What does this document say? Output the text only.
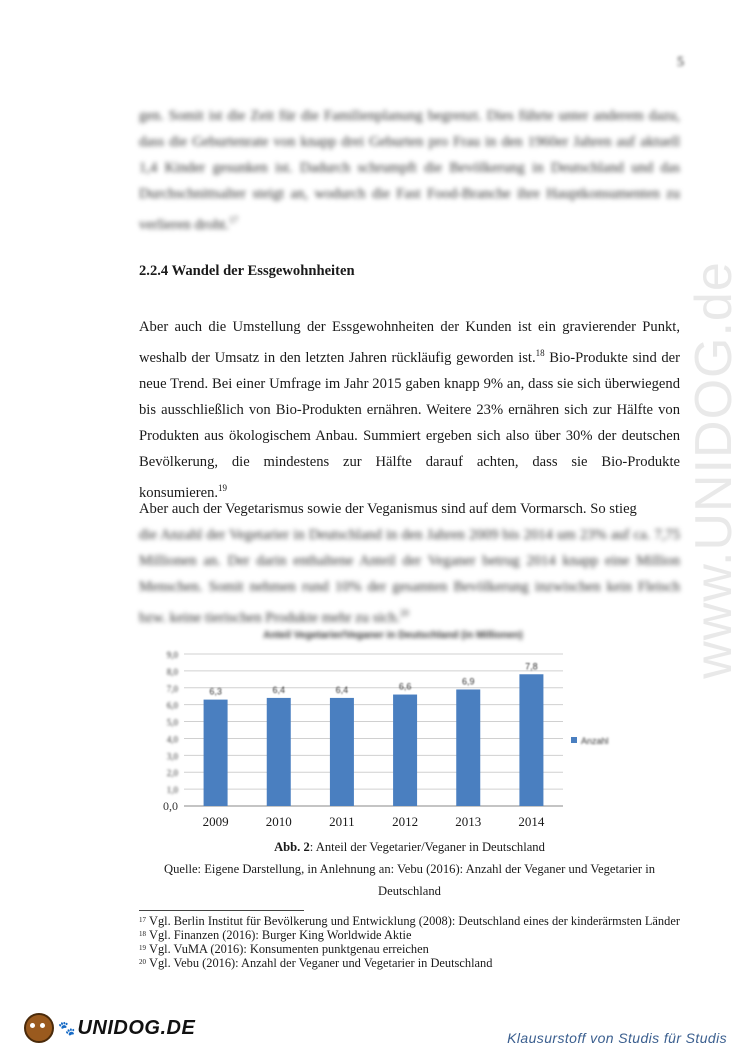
www.UNIDOG.de
5

gen. Somit ist die Zeit für die Familienplanung begrenzt. Dies führte unter anderem dazu, dass die Geburtenrate von knapp drei Geburten pro Frau in den 1960er Jahren auf aktuell 1,4 Kinder gesunken ist. Dadurch schrumpft die Bevölkerung in Deutschland und das Durchschnittsalter steigt an, wodurch die Fast Food-Branche ihre Hauptkonsumenten zu verlieren droht.$^{17}$

2.2.4 Wandel der Essgewohnheiten

Aber auch die Umstellung der Essgewohnheiten der Kunden ist ein gravierender Punkt, weshalb der Umsatz in den letzten Jahren rückläufig geworden ist.$^{18}$ Bio-Produkte sind der neue Trend. Bei einer Umfrage im Jahr 2015 gaben knapp 9% an, dass sie sich überwiegend bis ausschließlich von Bio-Produkten ernähren. Weitere 23% ernähren sich zur Hälfte von Produkten aus ökologischem Anbau. Summiert ergeben sich also über 30% der deutschen Bevölkerung, die mindestens zur Hälfte darauf achten, dass sie Bio-Produkte konsumieren.$^{19}$

Aber auch der Vegetarismus sowie der Veganismus sind auf dem Vormarsch. So stieg

die Anzahl der Vegetarier in Deutschland in den Jahren 2009 bis 2014 um 23% auf ca. 7,75 Millionen an. Der darin enthaltene Anteil der Veganer betrug 2014 knapp eine Million Menschen. Somit nehmen rund 10% der gesamten Bevölkerung inzwischen kein Fleisch bzw. keine tierischen Produkte mehr zu sich.$^{20}$

Anteil Vegetarier/Veganer in Deutschland (in Millionen)
0,0
1,0
2,0
3,0
4,0
5,0
6,0
7,0
8,0
9,0
6,3
2009
6,4
2010
6,4
2011
6,6
2012
6,9
2013
7,8
2014
Anzahl
Abb. 2: Anteil der Vegetarier/Veganer in Deutschland
Quelle: Eigene Darstellung, in Anlehnung an: Vebu (2016): Anzahl der Veganer und Vegetarier in Deutschland
17 Vgl. Berlin Institut für Bevölkerung und Entwicklung (2008): Deutschland eines der kinderärmsten Länder
18 Vgl. Finanzen (2016): Burger King Worldwide Aktie
19 Vgl. VuMA (2016): Konsumenten punktgenau erreichen
20 Vgl. Vebu (2016): Anzahl der Veganer und Vegetarier in Deutschland
🐾 UNIDOG.DE	Klausurstoff von Studis für Studis
